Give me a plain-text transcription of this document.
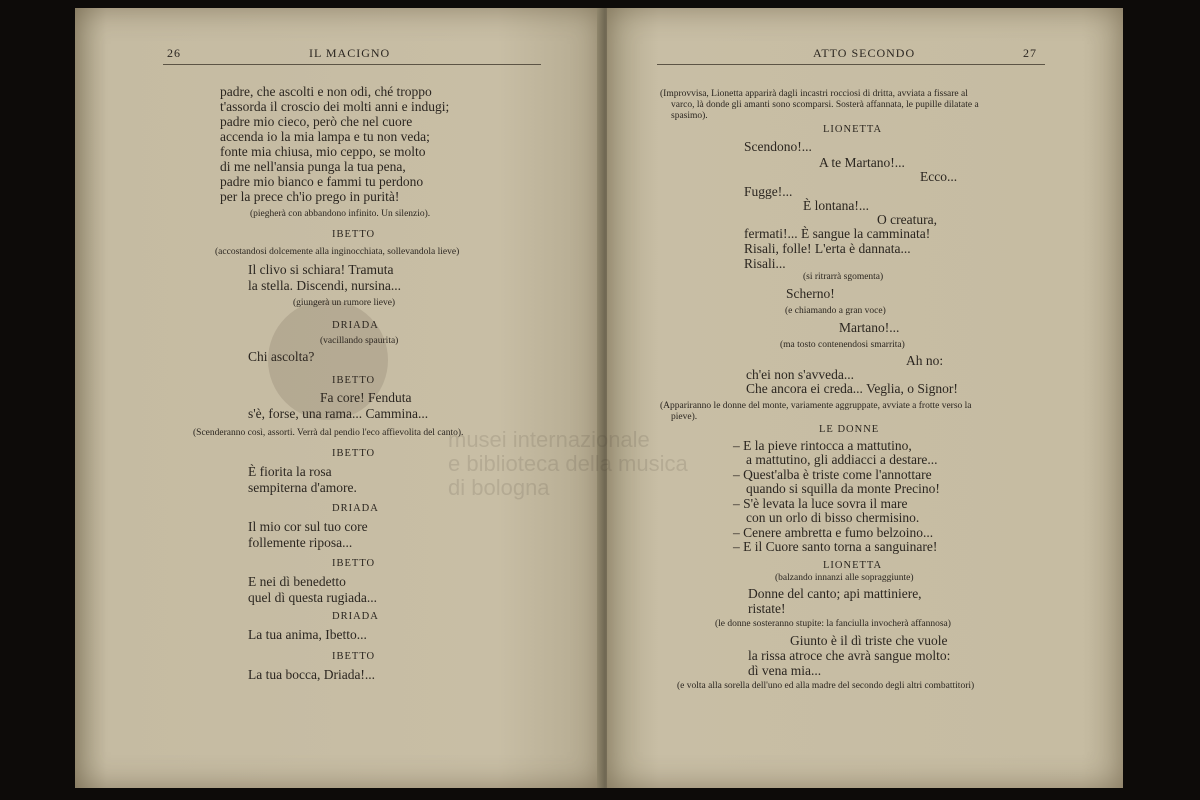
26	IL MACIGNO
padre, che ascolti e non odi, ché troppo
t'assorda il croscio dei molti anni e indugi;
padre mio cieco, però che nel cuore
accenda io la mia lampa e tu non veda;
fonte mia chiusa, mio ceppo, se molto
di me nell'ansia punga la tua pena,
padre mio bianco e fammi tu perdono
per la prece ch'io prego in purità!
(piegherà con abbandono infinito. Un silenzio).
IBETTO
(accostandosi dolcemente alla inginocchiata, sollevandola lieve)
Il clivo si schiara! Tramuta
la stella. Discendi, nursina...
(giungerà un rumore lieve)
DRIADA
(vacillando spaurita)
Chi ascolta?
IBETTO
Fa core! Fenduta
s'è, forse, una rama... Cammina...
(Scenderanno così, assorti. Verrà dal pendio l'eco affievolita del canto).
IBETTO
È fiorita la rosa
sempiterna d'amore.
DRIADA
Il mio cor sul tuo core
follemente riposa...
IBETTO
E nei dì benedetto
quel dì questa rugiada...
DRIADA
La tua anima, Ibetto...
IBETTO
La tua bocca, Driada!...
ATTO SECONDO	27
(Improvvisa, Lionetta apparirà dagli incastri rocciosi di dritta, avviata a fissare al
varco, là donde gli amanti sono scomparsi. Sosterà affannata, le pupille dilatate a
spasimo).
LIONETTA
Scendono!...
A te Martano!...
Ecco...
Fugge!...
È lontana!...
O creatura,
fermati!... È sangue la camminata!
Risali, folle! L'erta è dannata...
Risali...
(si ritrarrà sgomenta)
Scherno!
(e chiamando a gran voce)
Martano!...
(ma tosto contenendosi smarrita)
Ah no:
ch'ei non s'avveda...
Che ancora ei creda... Veglia, o Signor!
(Appariranno le donne del monte, variamente aggruppate, avviate a frotte verso la
pieve).
LE DONNE
– E la pieve rintocca a mattutino,
a mattutino, gli addiacci a destare...
– Quest'alba è triste come l'annottare
quando si squilla da monte Precino!
– S'è levata la luce sovra il mare
con un orlo di bisso chermisino.
– Cenere ambretta e fumo belzoino...
– E il Cuore santo torna a sanguinare!
LIONETTA
(balzando innanzi alle sopraggiunte)
Donne del canto; api mattiniere,
ristate!
(le donne sosteranno stupite: la fanciulla invocherà affannosa)
Giunto è il dì triste che vuole
la rissa atroce che avrà sangue molto:
dì vena mia...
(e volta alla sorella dell'uno ed alla madre del secondo degli altri combattitori)
